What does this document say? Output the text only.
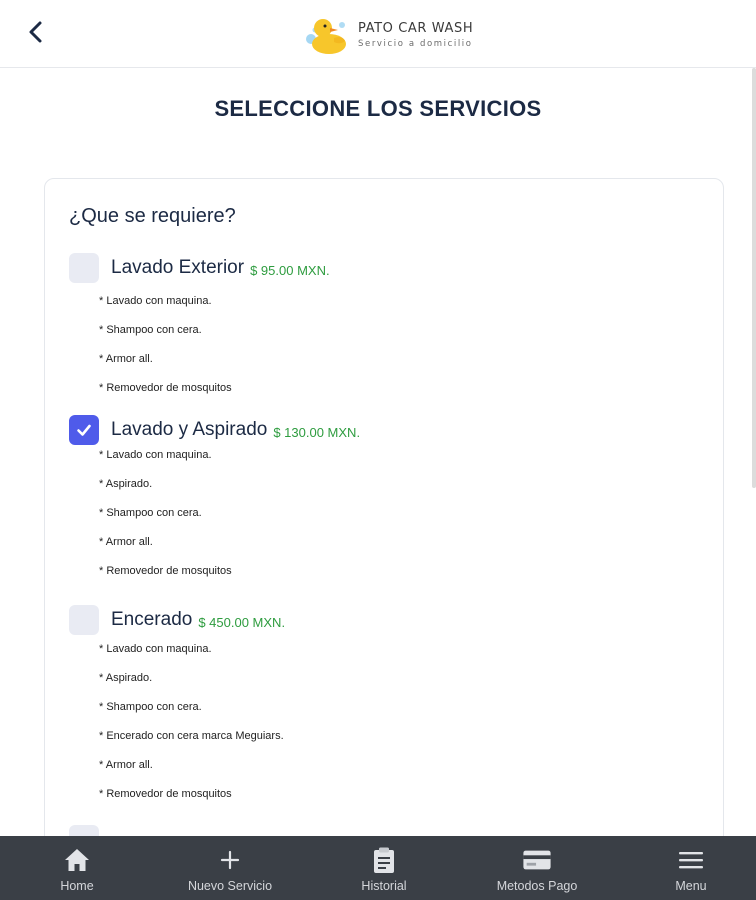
PATO CAR WASH
Servicio a domicilio
SELECCIONE LOS SERVICIOS
¿Que se requiere?
Lavado Exterior $ 95.00 MXN.
* Lavado con maquina.
* Shampoo con cera.
* Armor all.
* Removedor de mosquitos
Lavado y Aspirado $ 130.00 MXN.
* Lavado con maquina.
* Aspirado.
* Shampoo con cera.
* Armor all.
* Removedor de mosquitos
Encerado $ 450.00 MXN.
* Lavado con maquina.
* Aspirado.
* Shampoo con cera.
* Encerado con cera marca Meguiars.
* Armor all.
* Removedor de mosquitos
Home	Nuevo Servicio	Historial	Metodos Pago	Menu
